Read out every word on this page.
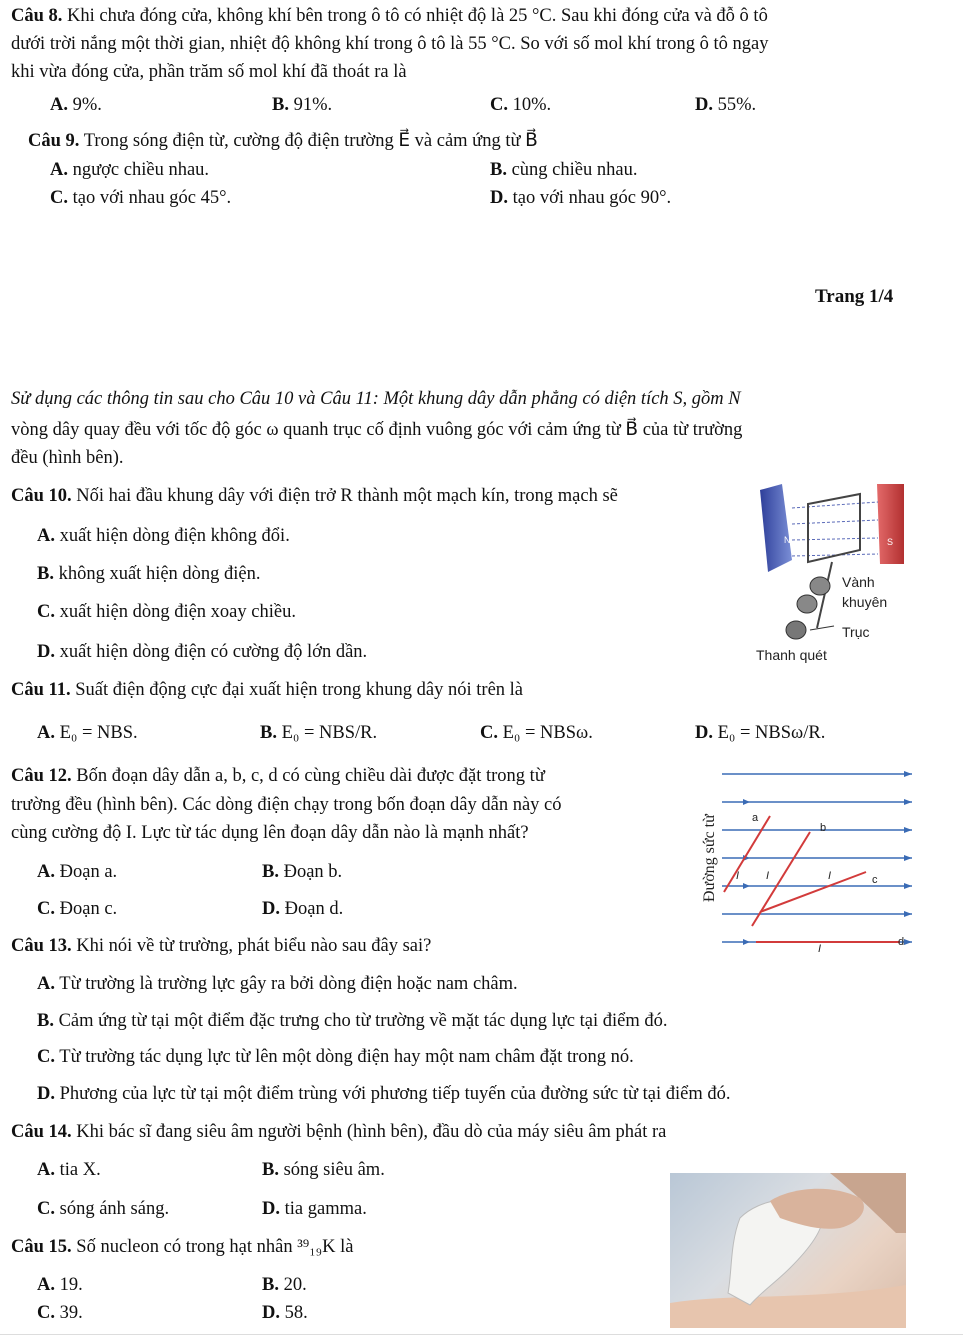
Câu 8. Khi chưa đóng cửa, không khí bên trong ô tô có nhiệt độ là 25 °C. Sau khi đóng cửa và đỗ ô tô
dưới trời nắng một thời gian, nhiệt độ không khí trong ô tô là 55 °C. So với số mol khí trong ô tô ngay
khi vừa đóng cửa, phần trăm số mol khí đã thoát ra là
A. 9%.	B. 91%.	C. 10%.	D. 55%.
Câu 9. Trong sóng điện từ, cường độ điện trường E⃗ và cảm ứng từ B⃗
A. ngược chiều nhau.	B. cùng chiều nhau.
C. tạo với nhau góc 45°.	D. tạo với nhau góc 90°.
Trang 1/4
Sử dụng các thông tin sau cho Câu 10 và Câu 11: Một khung dây dẫn phẳng có diện tích S, gồm N
vòng dây quay đều với tốc độ góc ω quanh trục cố định vuông góc với cảm ứng từ B⃗ của từ trường
đều (hình bên).
Câu 10. Nối hai đầu khung dây với điện trở R thành một mạch kín, trong mạch sẽ
A. xuất hiện dòng điện không đổi.
B. không xuất hiện dòng điện.
C. xuất hiện dòng điện xoay chiều.
D. xuất hiện dòng điện có cường độ lớn dần.
N	S
Vành
khuyên
Trục
Thanh quét
Câu 11. Suất điện động cực đại xuất hiện trong khung dây nói trên là
A. E₀ = NBS.	B. E₀ = NBS/R.	C. E₀ = NBSω.	D. E₀ = NBSω/R.
Câu 12. Bốn đoạn dây dẫn a, b, c, d có cùng chiều dài được đặt trong từ
trường đều (hình bên). Các dòng điện chạy trong bốn đoạn dây dẫn này có
cùng cường độ I. Lực từ tác dụng lên đoạn dây dẫn nào là mạnh nhất?
A. Đoạn a.	B. Đoạn b.
C. Đoạn c.	D. Đoạn d.
Đường sức từ	a
b
c
d
I I	I
I
Câu 13. Khi nói về từ trường, phát biểu nào sau đây sai?
A. Từ trường là trường lực gây ra bởi dòng điện hoặc nam châm.
B. Cảm ứng từ tại một điểm đặc trưng cho từ trường về mặt tác dụng lực tại điểm đó.
C. Từ trường tác dụng lực từ lên một dòng điện hay một nam châm đặt trong nó.
D. Phương của lực từ tại một điểm trùng với phương tiếp tuyến của đường sức từ tại điểm đó.
Câu 14. Khi bác sĩ đang siêu âm người bệnh (hình bên), đầu dò của máy siêu âm phát ra
A. tia X.	B. sóng siêu âm.
C. sóng ánh sáng.	D. tia gamma.
Câu 15. Số nucleon có trong hạt nhân ³⁹₁₉K là
A. 19.	B. 20.
C. 39.	D. 58.
